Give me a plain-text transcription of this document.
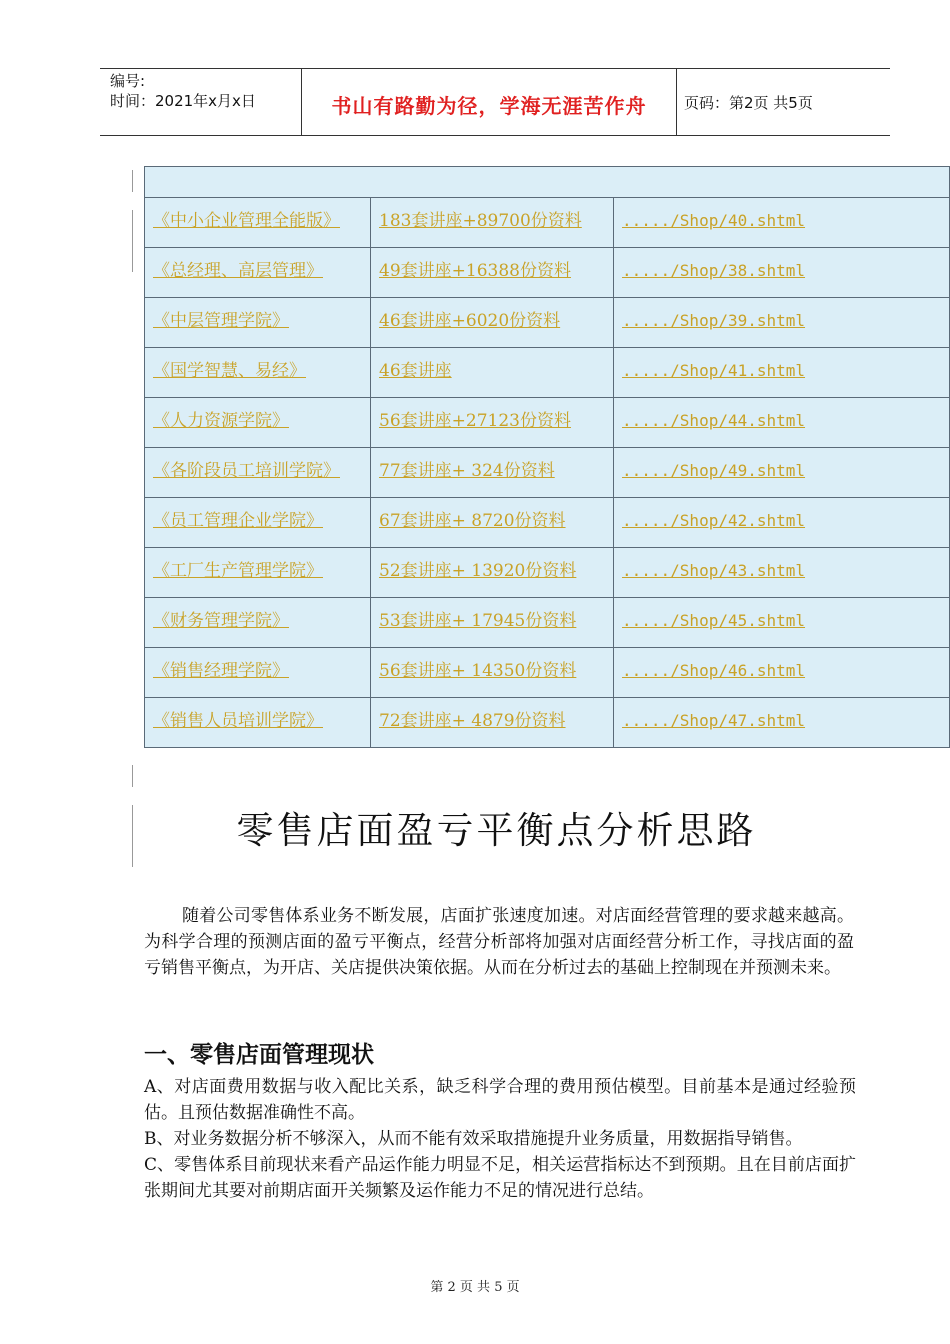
编号:
时间：2021年x月x日	书山有路勤为径，学海无涯苦作舟	页码：第2页 共5页

《中小企业管理全能版》	183套讲座+89700份资料	...../Shop/40.shtml
《总经理、高层管理》	49套讲座+16388份资料	...../Shop/38.shtml
《中层管理学院》	46套讲座+6020份资料	...../Shop/39.shtml
《国学智慧、易经》	46套讲座	...../Shop/41.shtml
《人力资源学院》	56套讲座+27123份资料	...../Shop/44.shtml
《各阶段员工培训学院》	77套讲座+ 324份资料	...../Shop/49.shtml
《员工管理企业学院》	67套讲座+ 8720份资料	...../Shop/42.shtml
《工厂生产管理学院》	52套讲座+ 13920份资料	...../Shop/43.shtml
《财务管理学院》	53套讲座+ 17945份资料	...../Shop/45.shtml
《销售经理学院》	56套讲座+ 14350份资料	...../Shop/46.shtml
《销售人员培训学院》	72套讲座+ 4879份资料	...../Shop/47.shtml
零售店面盈亏平衡点分析思路

随着公司零售体系业务不断发展，店面扩张速度加速。对店面经营管理的要求越来越高。为科学合理的预测店面的盈亏平衡点，经营分析部将加强对店面经营分析工作，寻找店面的盈亏销售平衡点，为开店、关店提供决策依据。从而在分析过去的基础上控制现在并预测未来。

一、零售店面管理现状
A、对店面费用数据与收入配比关系，缺乏科学合理的费用预估模型。目前基本是通过经验预估。且预估数据准确性不高。
B、对业务数据分析不够深入，从而不能有效采取措施提升业务质量，用数据指导销售。
C、零售体系目前现状来看产品运作能力明显不足，相关运营指标达不到预期。且在目前店面扩张期间尤其要对前期店面开关频繁及运作能力不足的情况进行总结。
第 2 页 共 5 页
